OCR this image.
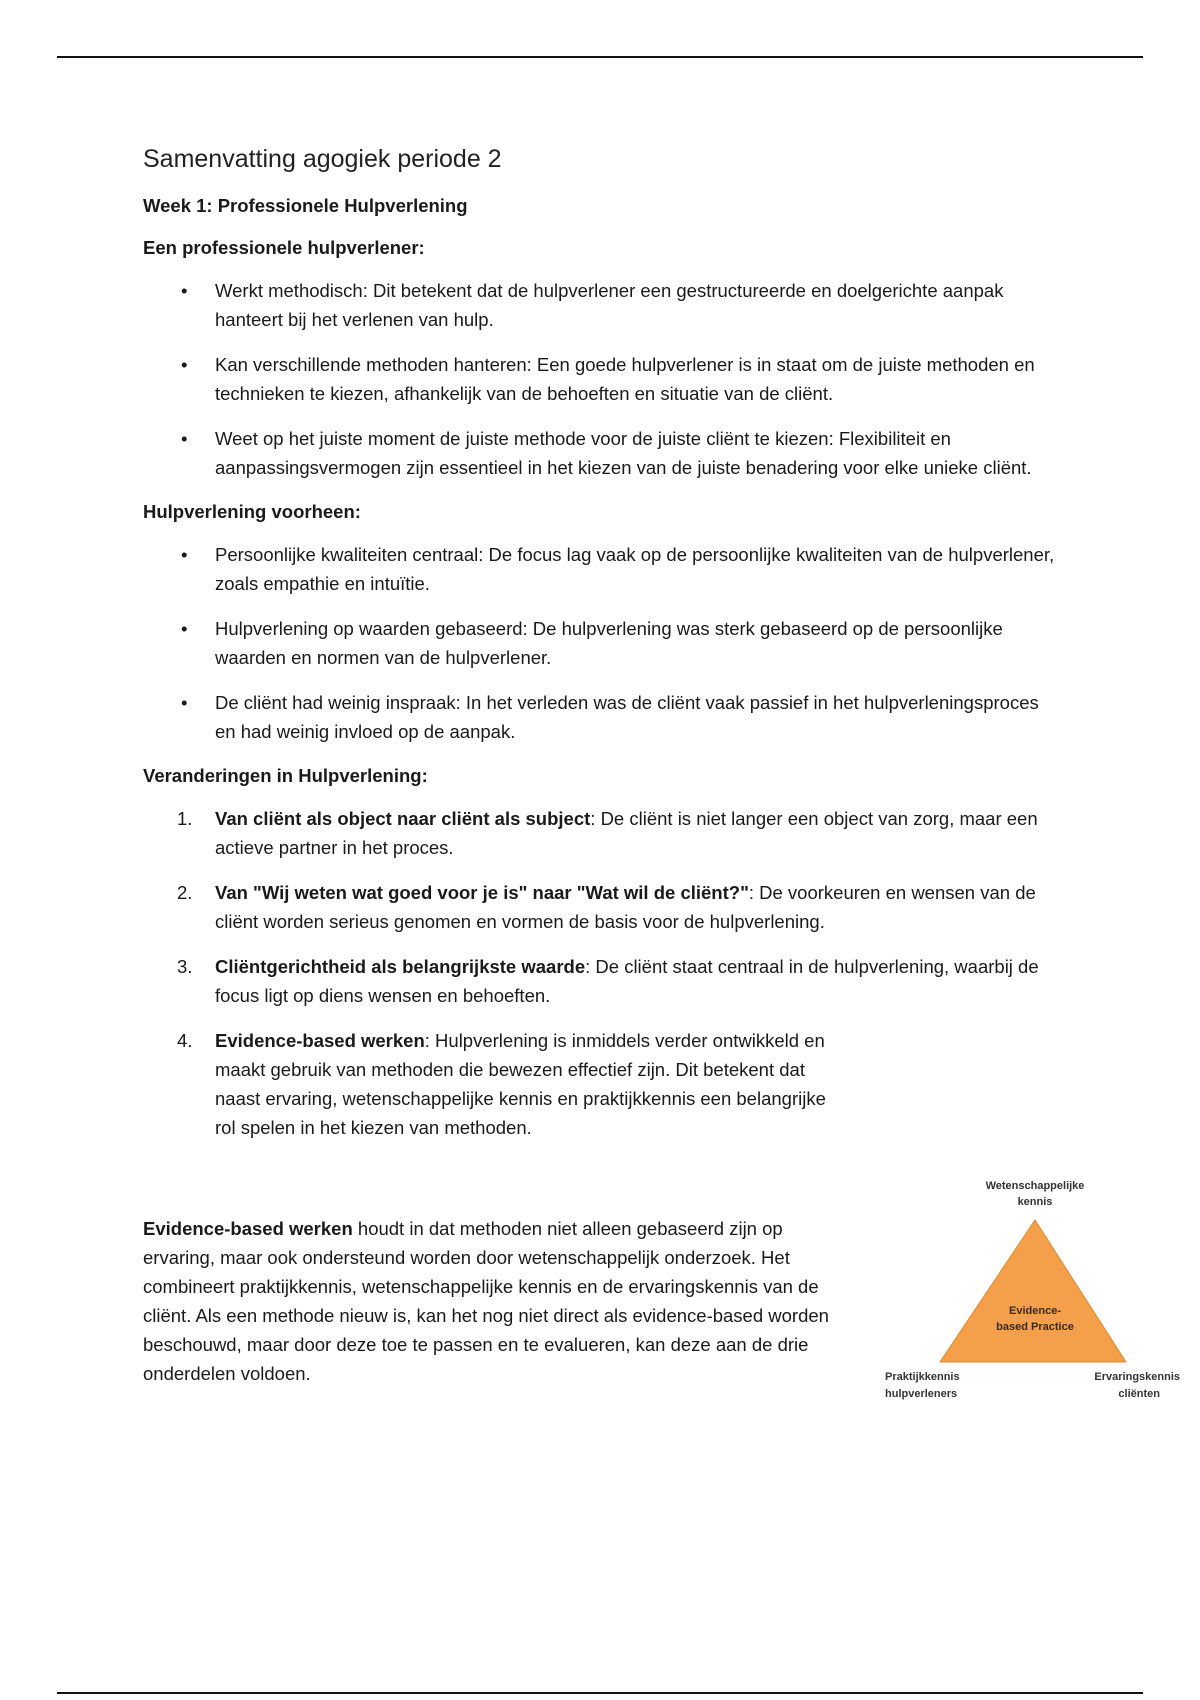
Samenvatting agogiek periode 2
Week 1: Professionele Hulpverlening
Een professionele hulpverlener:
•	Werkt methodisch: Dit betekent dat de hulpverlener een gestructureerde en doelgerichte aanpak hanteert bij het verlenen van hulp.
•	Kan verschillende methoden hanteren: Een goede hulpverlener is in staat om de juiste methoden en technieken te kiezen, afhankelijk van de behoeften en situatie van de cliënt.
•	Weet op het juiste moment de juiste methode voor de juiste cliënt te kiezen: Flexibiliteit en aanpassingsvermogen zijn essentieel in het kiezen van de juiste benadering voor elke unieke cliënt.
Hulpverlening voorheen:
•	Persoonlijke kwaliteiten centraal: De focus lag vaak op de persoonlijke kwaliteiten van de hulpverlener, zoals empathie en intuïtie.
•	Hulpverlening op waarden gebaseerd: De hulpverlening was sterk gebaseerd op de persoonlijke waarden en normen van de hulpverlener.
•	De cliënt had weinig inspraak: In het verleden was de cliënt vaak passief in het hulpverleningsproces en had weinig invloed op de aanpak.
Veranderingen in Hulpverlening:
1.	Van cliënt als object naar cliënt als subject: De cliënt is niet langer een object van zorg, maar een actieve partner in het proces.
2.	Van "Wij weten wat goed voor je is" naar "Wat wil de cliënt?": De voorkeuren en wensen van de cliënt worden serieus genomen en vormen de basis voor de hulpverlening.
3.	Cliëntgerichtheid als belangrijkste waarde: De cliënt staat centraal in de hulpverlening, waarbij de focus ligt op diens wensen en behoeften.
4.	Evidence-based werken: Hulpverlening is inmiddels verder ontwikkeld en maakt gebruik van methoden die bewezen effectief zijn. Dit betekent dat naast ervaring, wetenschappelijke kennis en praktijkkennis een belangrijke rol spelen in het kiezen van methoden.

Evidence-based werken houdt in dat methoden niet alleen gebaseerd zijn op ervaring, maar ook ondersteund worden door wetenschappelijk onderzoek. Het combineert praktijkkennis, wetenschappelijke kennis en de ervaringskennis van de cliënt. Als een methode nieuw is, kan het nog niet direct als evidence-based worden beschouwd, maar door deze toe te passen en te evalueren, kan deze aan de drie onderdelen voldoen.

Wetenschappelijke
kennis
Evidence-
based Practice
Praktijkkennis
hulpverleners
Ervaringskennis
cliënten
